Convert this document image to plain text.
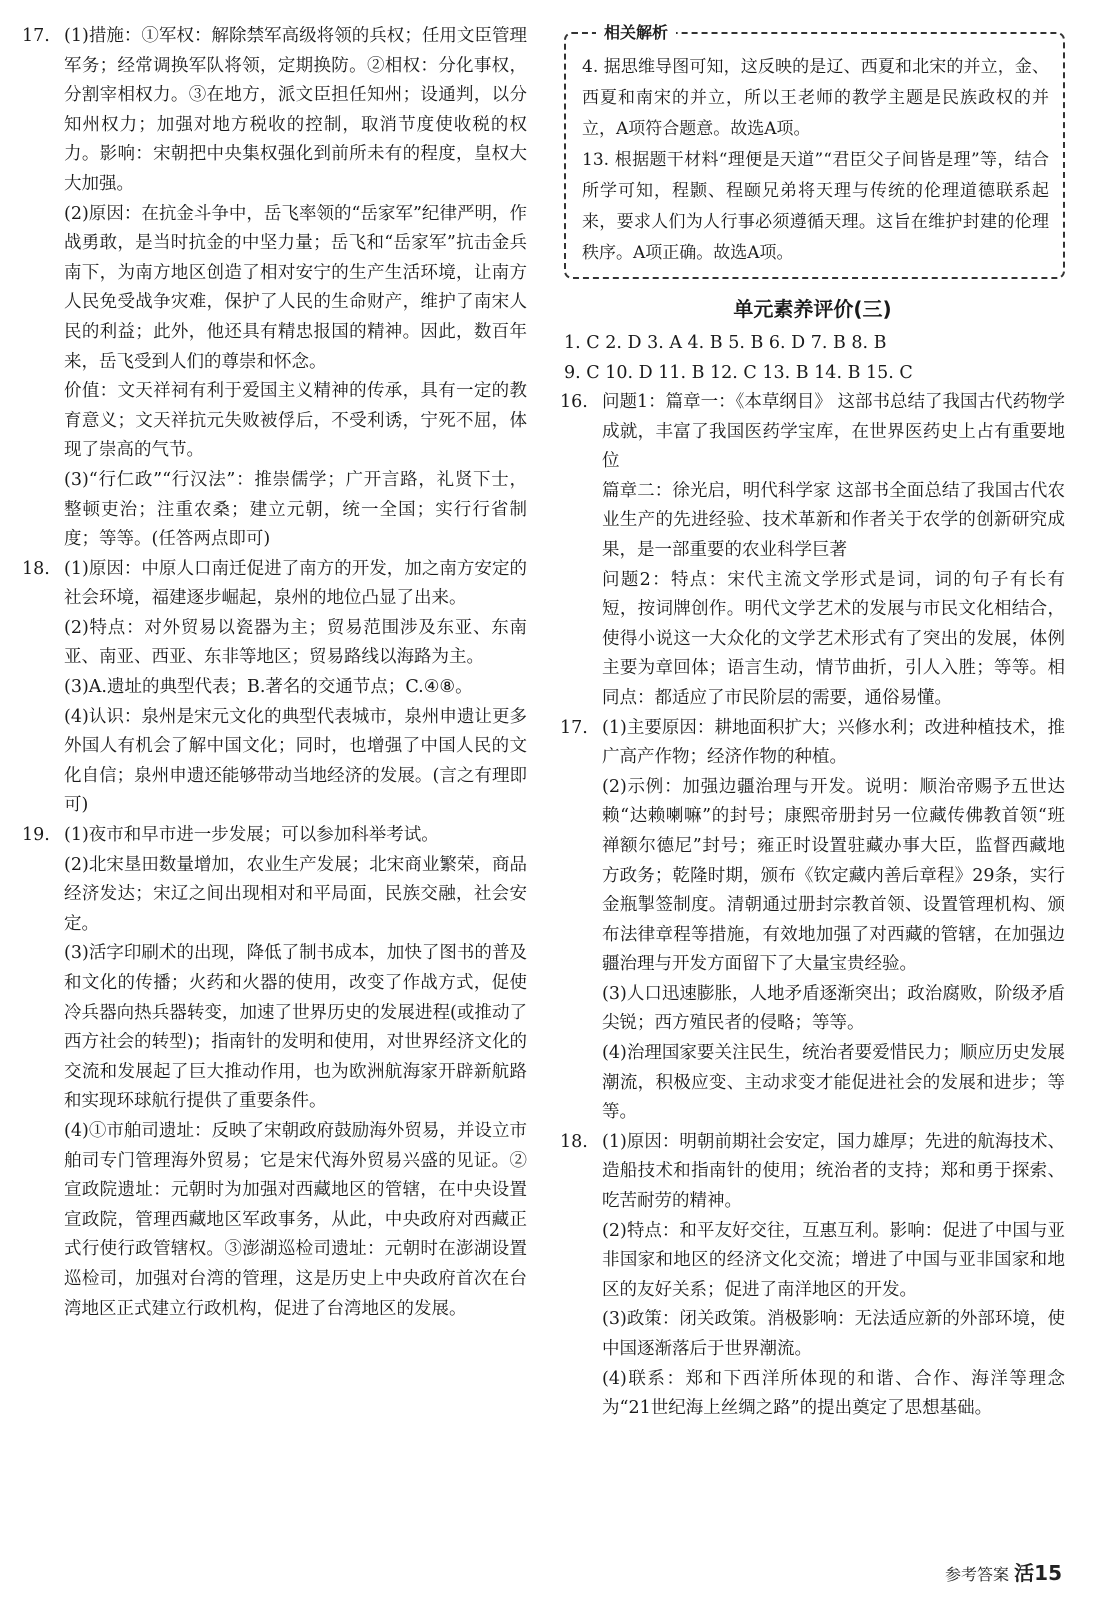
17. (1)措施：①军权：解除禁军高级将领的兵权；任用文臣管理军务；经常调换军队将领，定期换防。②相权：分化事权，分割宰相权力。③在地方，派文臣担任知州；设通判，以分知州权力；加强对地方税收的控制，取消节度使收税的权力。影响：宋朝把中央集权强化到前所未有的程度，皇权大大加强。

(2)原因：在抗金斗争中，岳飞率领的“岳家军”纪律严明，作战勇敢，是当时抗金的中坚力量；岳飞和“岳家军”抗击金兵南下，为南方地区创造了相对安宁的生产生活环境，让南方人民免受战争灾难，保护了人民的生命财产，维护了南宋人民的利益；此外，他还具有精忠报国的精神。因此，数百年来，岳飞受到人们的尊崇和怀念。

价值：文天祥祠有利于爱国主义精神的传承，具有一定的教育意义；文天祥抗元失败被俘后，不受利诱，宁死不屈，体现了崇高的气节。

(3)“行仁政”“行汉法”：推崇儒学；广开言路，礼贤下士，整顿吏治；注重农桑；建立元朝，统一全国；实行行省制度；等等。(任答两点即可)

18. (1)原因：中原人口南迁促进了南方的开发，加之南方安定的社会环境，福建逐步崛起，泉州的地位凸显了出来。

(2)特点：对外贸易以瓷器为主；贸易范围涉及东亚、东南亚、南亚、西亚、东非等地区；贸易路线以海路为主。

(3)A.遗址的典型代表；B.著名的交通节点；C.④⑧。

(4)认识：泉州是宋元文化的典型代表城市，泉州申遗让更多外国人有机会了解中国文化；同时，也增强了中国人民的文化自信；泉州申遗还能够带动当地经济的发展。(言之有理即可)

19. (1)夜市和早市进一步发展；可以参加科举考试。

(2)北宋垦田数量增加，农业生产发展；北宋商业繁荣，商品经济发达；宋辽之间出现相对和平局面，民族交融，社会安定。

(3)活字印刷术的出现，降低了制书成本，加快了图书的普及和文化的传播；火药和火器的使用，改变了作战方式，促使冷兵器向热兵器转变，加速了世界历史的发展进程(或推动了西方社会的转型)；指南针的发明和使用，对世界经济文化的交流和发展起了巨大推动作用，也为欧洲航海家开辟新航路和实现环球航行提供了重要条件。

(4)①市舶司遗址：反映了宋朝政府鼓励海外贸易，并设立市舶司专门管理海外贸易；它是宋代海外贸易兴盛的见证。②宣政院遗址：元朝时为加强对西藏地区的管辖，在中央设置宣政院，管理西藏地区军政事务，从此，中央政府对西藏正式行使行政管辖权。③澎湖巡检司遗址：元朝时在澎湖设置巡检司，加强对台湾的管理，这是历史上中央政府首次在台湾地区正式建立行政机构，促进了台湾地区的发展。

相关解析

4. 据思维导图可知，这反映的是辽、西夏和北宋的并立，金、西夏和南宋的并立，所以王老师的教学主题是民族政权的并立，A项符合题意。故选A项。

13. 根据题干材料“理便是天道”“君臣父子间皆是理”等，结合所学可知，程颢、程颐兄弟将天理与传统的伦理道德联系起来，要求人们为人行事必须遵循天理。这旨在维护封建的伦理秩序。A项正确。故选A项。

单元素养评价(三)
1. C 2. D 3. A 4. B 5. B 6. D 7. B 8. B
9. C 10. D 11. B 12. C 13. B 14. B 15. C
16. 问题1：篇章一：《本草纲目》 这部书总结了我国古代药物学成就，丰富了我国医药学宝库，在世界医药史上占有重要地位

篇章二：徐光启，明代科学家 这部书全面总结了我国古代农业生产的先进经验、技术革新和作者关于农学的创新研究成果，是一部重要的农业科学巨著

问题2：特点：宋代主流文学形式是词，词的句子有长有短，按词牌创作。明代文学艺术的发展与市民文化相结合，使得小说这一大众化的文学艺术形式有了突出的发展，体例主要为章回体；语言生动，情节曲折，引人入胜；等等。相同点：都适应了市民阶层的需要，通俗易懂。

17. (1)主要原因：耕地面积扩大；兴修水利；改进种植技术，推广高产作物；经济作物的种植。

(2)示例：加强边疆治理与开发。说明：顺治帝赐予五世达赖“达赖喇嘛”的封号；康熙帝册封另一位藏传佛教首领“班禅额尔德尼”封号；雍正时设置驻藏办事大臣，监督西藏地方政务；乾隆时期，颁布《钦定藏内善后章程》29条，实行金瓶掣签制度。清朝通过册封宗教首领、设置管理机构、颁布法律章程等措施，有效地加强了对西藏的管辖，在加强边疆治理与开发方面留下了大量宝贵经验。

(3)人口迅速膨胀，人地矛盾逐渐突出；政治腐败，阶级矛盾尖锐；西方殖民者的侵略；等等。

(4)治理国家要关注民生，统治者要爱惜民力；顺应历史发展潮流，积极应变、主动求变才能促进社会的发展和进步；等等。

18. (1)原因：明朝前期社会安定，国力雄厚；先进的航海技术、造船技术和指南针的使用；统治者的支持；郑和勇于探索、吃苦耐劳的精神。

(2)特点：和平友好交往，互惠互利。影响：促进了中国与亚非国家和地区的经济文化交流；增进了中国与亚非国家和地区的友好关系；促进了南洋地区的开发。

(3)政策：闭关政策。消极影响：无法适应新的外部环境，使中国逐渐落后于世界潮流。

(4)联系：郑和下西洋所体现的和谐、合作、海洋等理念为“21世纪海上丝绸之路”的提出奠定了思想基础。

参考答案 活15
